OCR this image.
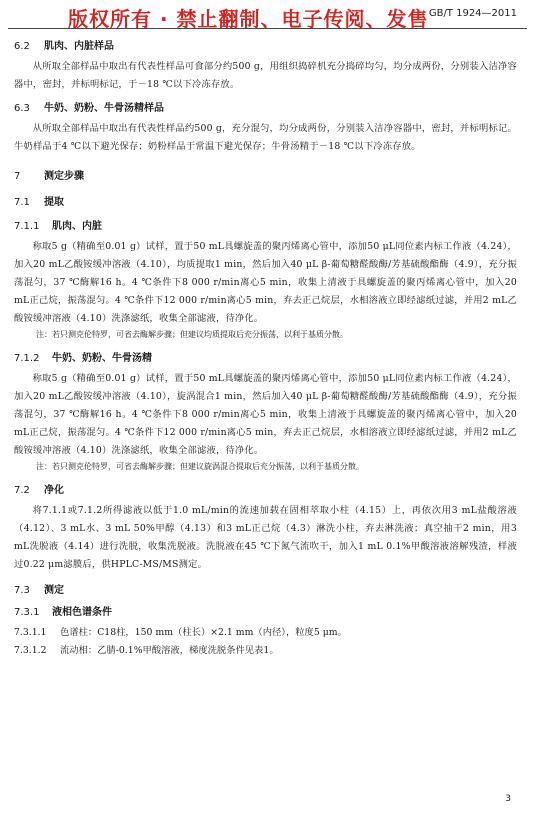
版权所有 · 禁止翻制、电子传阅、发售 GB/T 1924—2011
6.2 肌肉、内脏样品

从所取全部样品中取出有代表性样品可食部分约500 g，用组织捣碎机充分捣碎均匀，均分成两份，分别装入洁净容器中，密封，并标明标记，于－18 ℃以下冷冻存放。

6.3 牛奶、奶粉、牛骨汤精样品

从所取全部样品中取出有代表性样品约500 g，充分混匀，均分成两份，分别装入洁净容器中，密封，并标明标记。牛奶样品于4 ℃以下避光保存；奶粉样品于常温下避光保存；牛骨汤精于－18 ℃以下冷冻存放。

7 测定步骤
7.1 提取
7.1.1 肌肉、内脏

称取5 g（精确至0.01 g）试样，置于50 mL具螺旋盖的聚丙烯离心管中，添加50 μL同位素内标工作液（4.24），加入20 mL乙酸铵缓冲溶液（4.10），均质提取1 min，然后加入40 μL β-葡萄糖醛酸酶/芳基硫酸酯酶（4.9），充分振荡混匀，37 ℃酶解16 h。4 ℃条件下8 000 r/min离心5 min，收集上清液于具螺旋盖的聚丙烯离心管中，加入20 mL正己烷，振荡混匀。4 ℃条件下12 000 r/min离心5 min，弃去正己烷层，水相溶液立即经滤纸过滤，并用2 mL乙酸铵缓冲溶液（4.10）洗涤滤纸，收集全部滤液，待净化。

注：若只测克伦特罗，可省去酶解步骤；但建议均质提取后充分振荡，以利于基质分散。

7.1.2 牛奶、奶粉、牛骨汤精

称取5 g（精确至0.01 g）试样，置于50 mL具螺旋盖的聚丙烯离心管中，添加50 μL同位素内标工作液（4.24），加入20 mL乙酸铵缓冲溶液（4.10），旋涡混合1 min，然后加入40 μL β-葡萄糖醛酸酶/芳基硫酸酯酶（4.9），充分振荡混匀，37 ℃酶解16 h。4 ℃条件下8 000 r/min离心5 min，收集上清液于具螺旋盖的聚丙烯离心管中，加入20 mL正己烷，振荡混匀。4 ℃条件下12 000 r/min离心5 min，弃去正己烷层，水相溶液立即经滤纸过滤，并用2 mL乙酸铵缓冲溶液（4.10）洗涤滤纸，收集全部滤液，待净化。

注：若只测克伦特罗，可省去酶解步骤；但建议旋涡混合提取后充分振荡，以利于基质分散。

7.2 净化

将7.1.1或7.1.2所得滤液以低于1.0 mL/min的流速加载在固相萃取小柱（4.15）上，再依次用3 mL盐酸溶液（4.12）、3 mL水、3 mL 50%甲醇（4.13）和3 mL正己烷（4.3）淋洗小柱，弃去淋洗液；真空抽干2 min，用3 mL洗脱液（4.14）进行洗脱，收集洗脱液。洗脱液在45 ℃下氮气流吹干，加入1 mL 0.1%甲酸溶液溶解残渣，样液过0.22 μm滤膜后，供HPLC-MS/MS测定。

7.3 测定
7.3.1 液相色谱条件
7.3.1.1 色谱柱：C18柱，150 mm（柱长）×2.1 mm（内径），粒度5 μm。
7.3.1.2 流动相：乙腈-0.1%甲酸溶液，梯度洗脱条件见表1。
3
